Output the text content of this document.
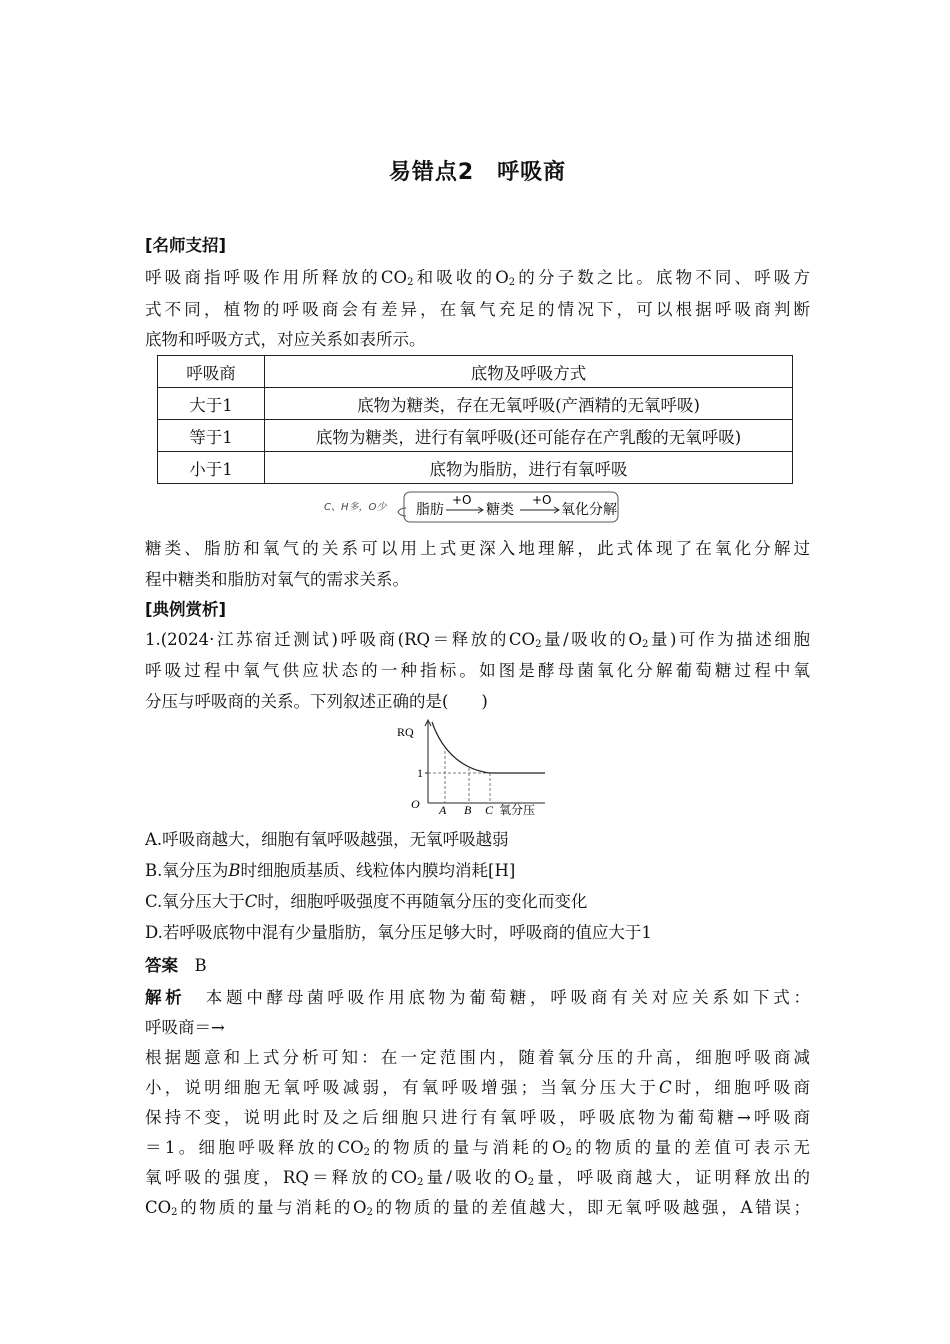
易错点2　呼吸商
[名师支招]
呼吸商指呼吸作用所释放的$CO_2$和吸收的$O_2$的分子数之比。底物不同、呼吸方
式不同，植物的呼吸商会有差异，在氧气充足的情况下，可以根据呼吸商判断
底物和呼吸方式，对应关系如表所示。
呼吸商	底物及呼吸方式
大于1	底物为糖类，存在无氧呼吸(产酒精的无氧呼吸)
等于1	底物为糖类，进行有氧呼吸(还可能存在产乳酸的无氧呼吸)
小于1	底物为脂肪，进行有氧呼吸
C、H多，O少 脂肪
+O
糖类
+O
氧化分解
糖类、脂肪和氧气的关系可以用上式更深入地理解，此式体现了在氧化分解过
程中糖类和脂肪对氧气的需求关系。
[典例赏析]
1.(2024·江苏宿迁测试)呼吸商(RQ＝释放的$CO_2$量/吸收的$O_2$量)可作为描述细胞
呼吸过程中氧气供应状态的一种指标。如图是酵母菌氧化分解葡萄糖过程中氧
分压与呼吸商的关系。下列叙述正确的是(　　)
RQ
1
O A B C 氧分压
A.呼吸商越大，细胞有氧呼吸越强，无氧呼吸越弱
B.氧分压为B时细胞质基质、线粒体内膜均消耗[H]
C.氧分压大于C时，细胞呼吸强度不再随氧分压的变化而变化
D.若呼吸底物中混有少量脂肪，氧分压足够大时，呼吸商的值应大于1
答案　 B
解析　 本题中酵母菌呼吸作用底物为葡萄糖，呼吸商有关对应关系如下式：
呼吸商＝→
根据题意和上式分析可知：在一定范围内，随着氧分压的升高，细胞呼吸商减
小，说明细胞无氧呼吸减弱，有氧呼吸增强；当氧分压大于C时，细胞呼吸商
保持不变，说明此时及之后细胞只进行有氧呼吸，呼吸底物为葡萄糖→呼吸商
＝1。细胞呼吸释放的$CO_2$的物质的量与消耗的$O_2$的物质的量的差值可表示无
氧呼吸的强度，RQ＝释放的$CO_2$量/吸收的$O_2$量，呼吸商越大，证明释放出的
$CO_2$的物质的量与消耗的$O_2$的物质的量的差值越大，即无氧呼吸越强，A错误；
